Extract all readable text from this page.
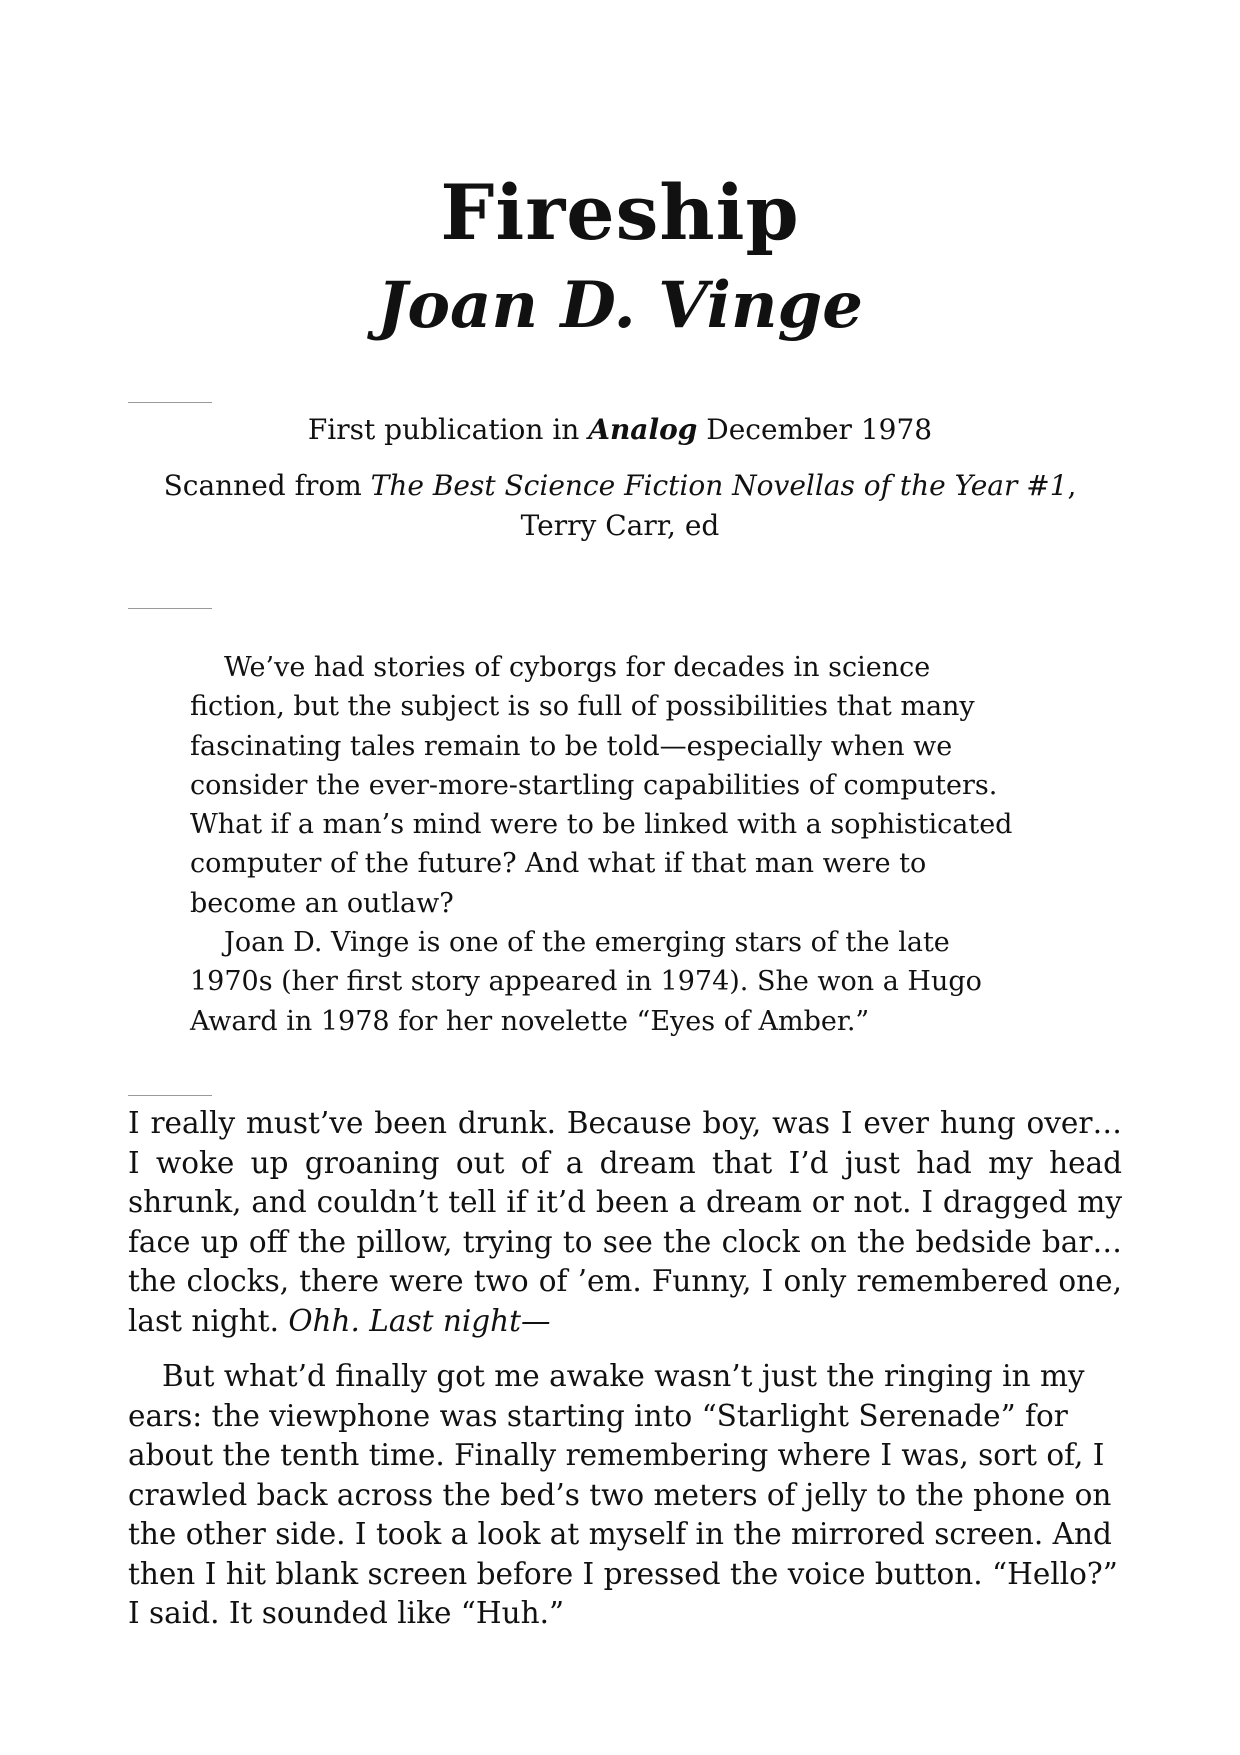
Fireship
Joan D. Vinge

First publication in Analog December 1978

Scanned from The Best Science Fiction Novellas of the Year #1,

Terry Carr, ed

We’ve had stories of cyborgs for decades in science fiction, but the subject is so full of possibilities that many fascinating tales remain to be told—especially when we consider the ever-more-startling capabilities of computers. What if a man’s mind were to be linked with a sophisticated computer of the future? And what if that man were to become an outlaw?

Joan D. Vinge is one of the emerging stars of the late 1970s (her first story appeared in 1974). She won a Hugo Award in 1978 for her novelette “Eyes of Amber.”

I really must’ve been drunk. Because boy, was I ever hung over… I woke up groaning out of a dream that I’d just had my head shrunk, and couldn’t tell if it’d been a dream or not. I dragged my face up off the pillow, trying to see the clock on the bedside bar… the clocks, there were two of ’em. Funny, I only remembered one, last night. Ohh. Last night—

But what’d finally got me awake wasn’t just the ringing in my ears: the viewphone was starting into “Starlight Serenade” for about the tenth time. Finally remembering where I was, sort of, I crawled back across the bed’s two meters of jelly to the phone on the other side. I took a look at myself in the mirrored screen. And then I hit blank screen before I pressed the voice button. “Hello?” I said. It sounded like “Huh.”
